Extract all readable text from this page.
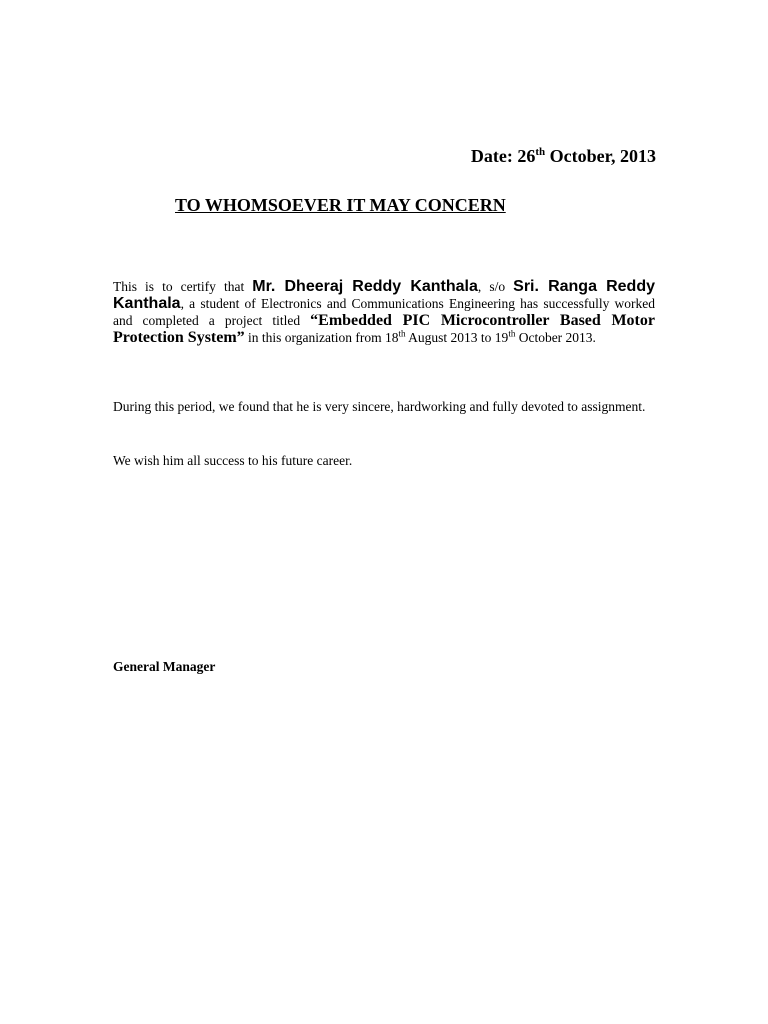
Date: 26th October, 2013
TO WHOMSOEVER IT MAY CONCERN
This is to certify that Mr. Dheeraj Reddy Kanthala, s/o Sri. Ranga Reddy Kanthala, a student of Electronics and Communications Engineering has successfully worked and completed a project titled “Embedded PIC Microcontroller Based Motor Protection System” in this organization from 18th August 2013 to 19th October 2013.
During this period, we found that he is very sincere, hardworking and fully devoted to assignment.
We wish him all success to his future career.
General Manager
